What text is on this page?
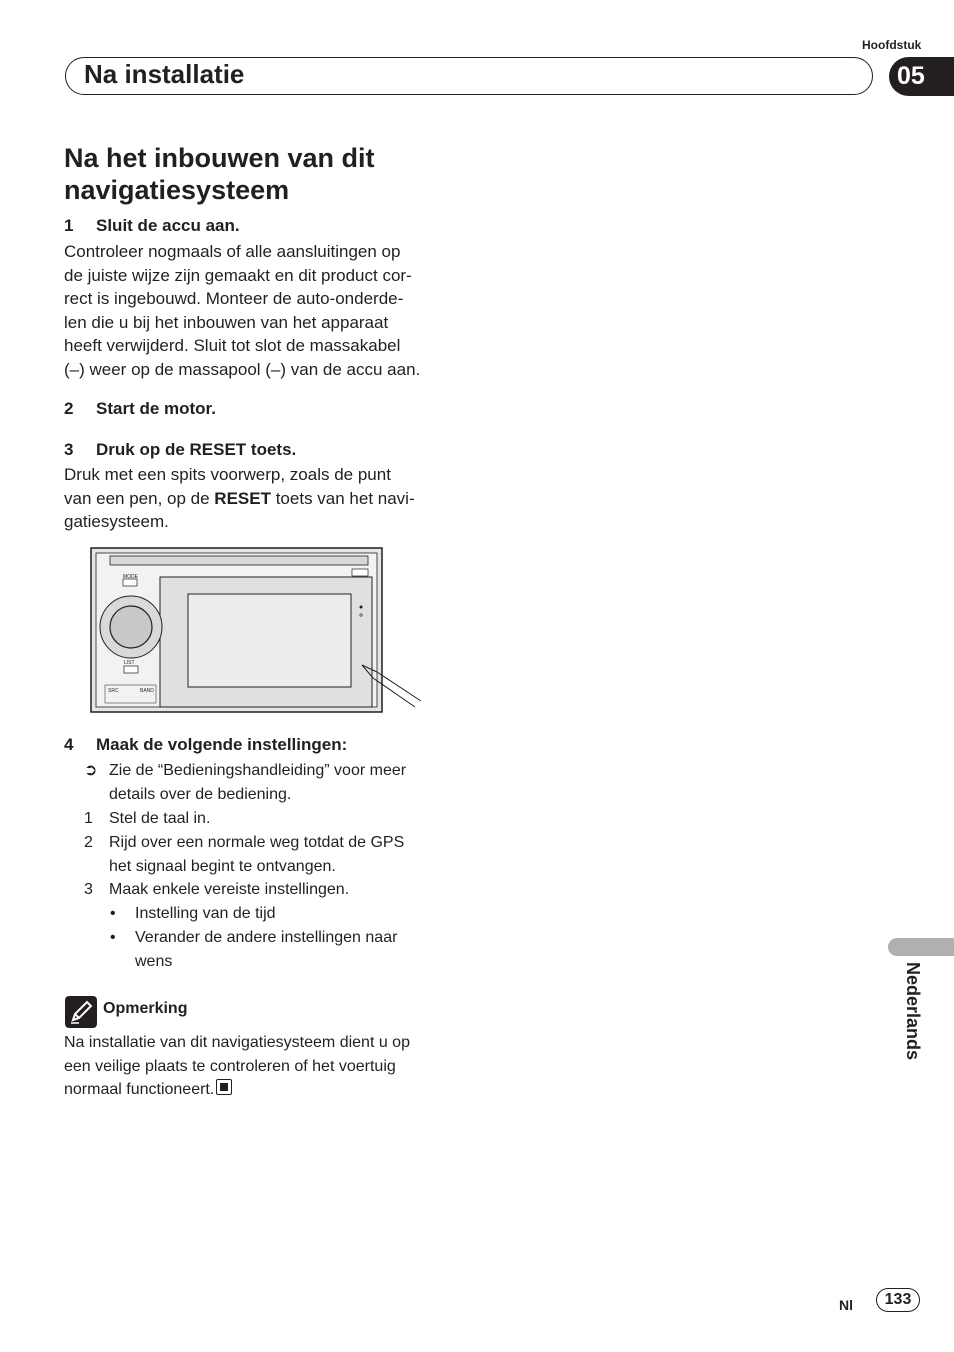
Hoofdstuk
Na installatie	05
Na het inbouwen van dit navigatiesysteem
1 Sluit de accu aan.
Controleer nogmaals of alle aansluitingen op
de juiste wijze zijn gemaakt en dit product cor-
rect is ingebouwd. Monteer de auto-onderde-
len die u bij het inbouwen van het apparaat
heeft verwijderd. Sluit tot slot de massakabel
(–) weer op de massapool (–) van de accu aan.
2 Start de motor.
3 Druk op de RESET toets.
Druk met een spits voorwerp, zoals de punt
van een pen, op de RESET toets van het navi-
gatiesysteem.
MODE
LIST
SRC	BAND
4 Maak de volgende instellingen:
➲ Zie de “Bedieningshandleiding” voor meer
details over de bediening.
1 Stel de taal in.
2 Rijd over een normale weg totdat de GPS
het signaal begint te ontvangen.
3 Maak enkele vereiste instellingen.
• Instelling van de tijd
• Verander de andere instellingen naar
wens
Opmerking
Na installatie van dit navigatiesysteem dient u op
een veilige plaats te controleren of het voertuig
normaal functioneert.
Nederlands
Nl	133
